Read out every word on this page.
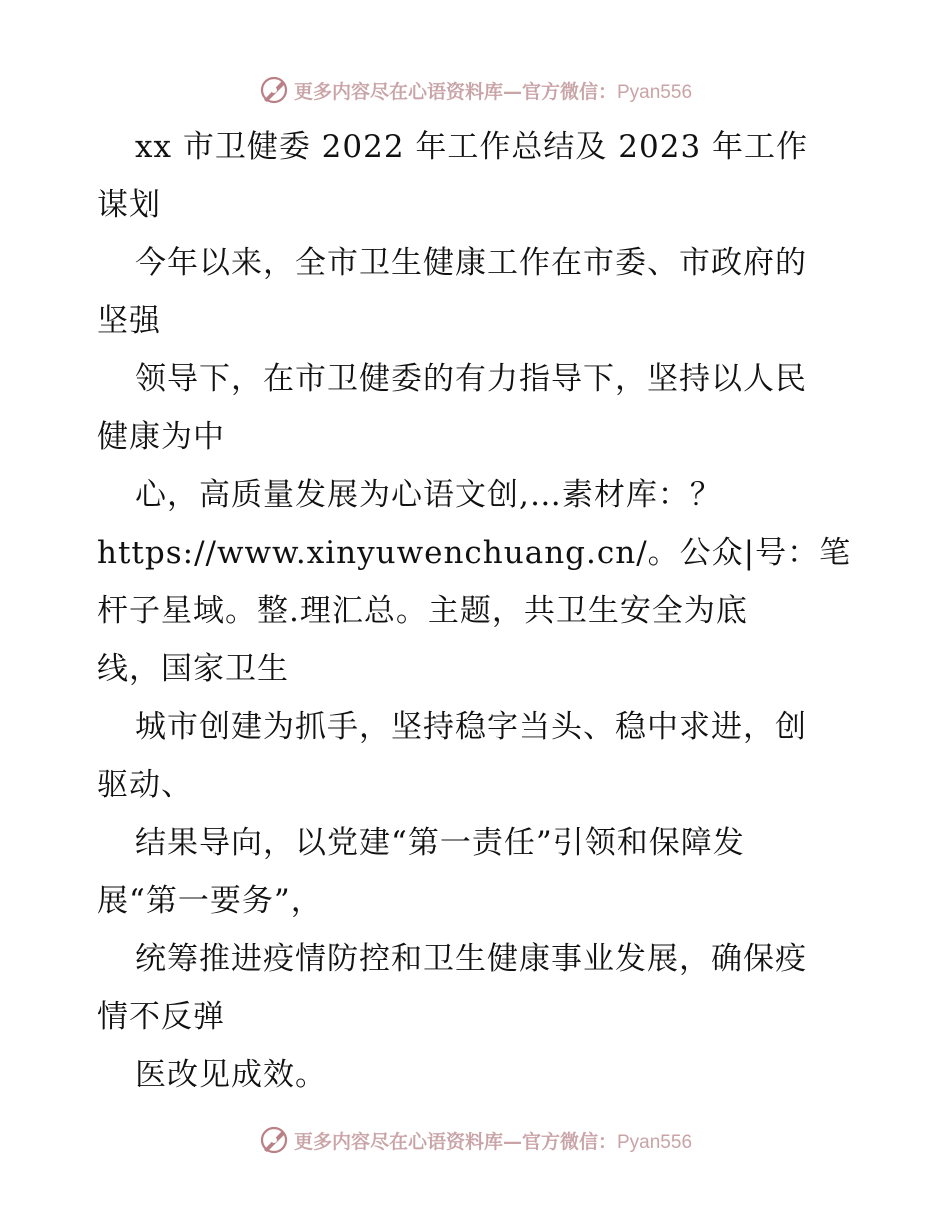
更多内容尽在心语资料库—官方微信：Pyan556
xx 市卫健委 2022 年工作总结及 2023 年工作
谋划
今年以来，全市卫生健康工作在市委、市政府的
坚强
领导下，在市卫健委的有力指导下，坚持以人民
健康为中
心，高质量发展为心语文创,…素材库：？
https://www.xinyuwenchuang.cn/。公众|号：笔
杆子星域。整.理汇总。主题，共卫生安全为底
线，国家卫生
城市创建为抓手，坚持稳字当头、稳中求进，创
驱动、
结果导向，以党建“第一责任”引领和保障发
展“第一要务”，
统筹推进疫情防控和卫生健康事业发展，确保疫
情不反弹
医改见成效。
更多内容尽在心语资料库—官方微信：Pyan556
